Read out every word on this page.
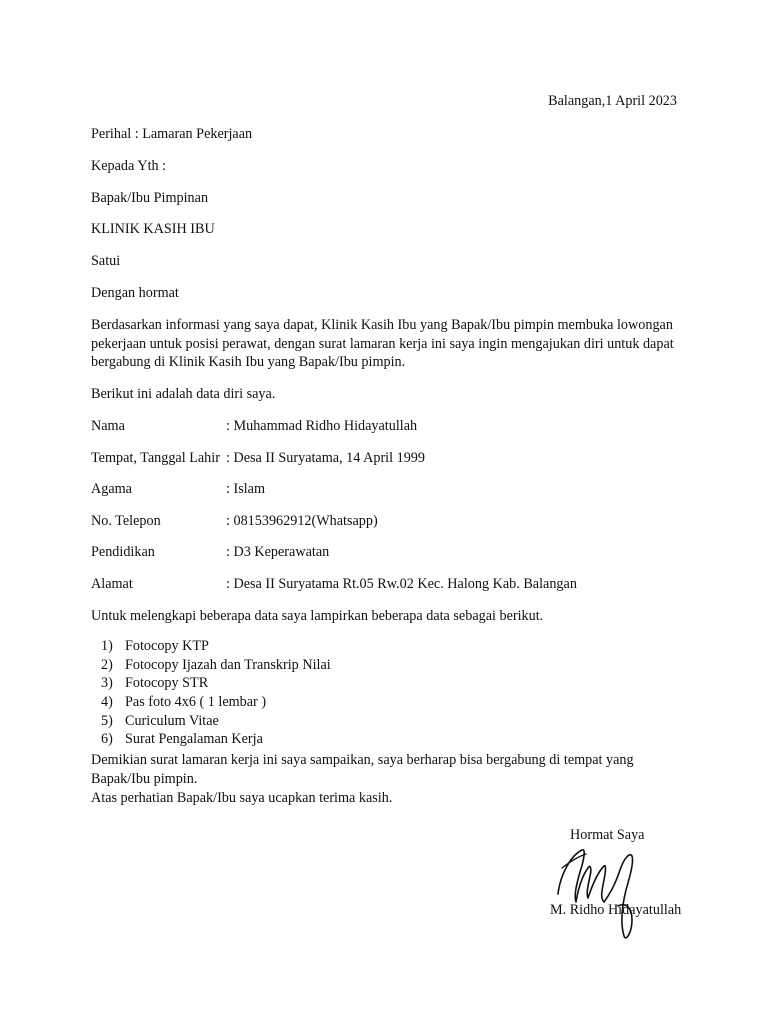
Balangan,1 April 2023
Perihal : Lamaran Pekerjaan
Kepada Yth :
Bapak/Ibu Pimpinan
KLINIK KASIH IBU
Satui
Dengan hormat
Berdasarkan informasi yang saya dapat, Klinik Kasih Ibu yang Bapak/Ibu pimpin membuka lowongan
pekerjaan untuk posisi perawat, dengan surat lamaran kerja ini saya ingin mengajukan diri untuk dapat
bergabung di Klinik Kasih Ibu yang Bapak/Ibu pimpin.
Berikut ini adalah data diri saya.
Nama	: Muhammad Ridho Hidayatullah
Tempat, Tanggal Lahir : Desa II Suryatama, 14 April 1999
Agama	: Islam
No. Telepon	: 08153962912(Whatsapp)
Pendidikan	: D3 Keperawatan
Alamat	: Desa II Suryatama Rt.05 Rw.02 Kec. Halong Kab. Balangan
Untuk melengkapi beberapa data saya lampirkan beberapa data sebagai berikut.
1) Fotocopy KTP
2) Fotocopy Ijazah dan Transkrip Nilai
3) Fotocopy STR
4) Pas foto 4x6 ( 1 lembar )
5) Curiculum Vitae
6) Surat Pengalaman Kerja
Demikian surat lamaran kerja ini saya sampaikan, saya berharap bisa bergabung di tempat yang
Bapak/Ibu pimpin.
Atas perhatian Bapak/Ibu saya ucapkan terima kasih.
Hormat Saya
M. Ridho Hidayatullah
